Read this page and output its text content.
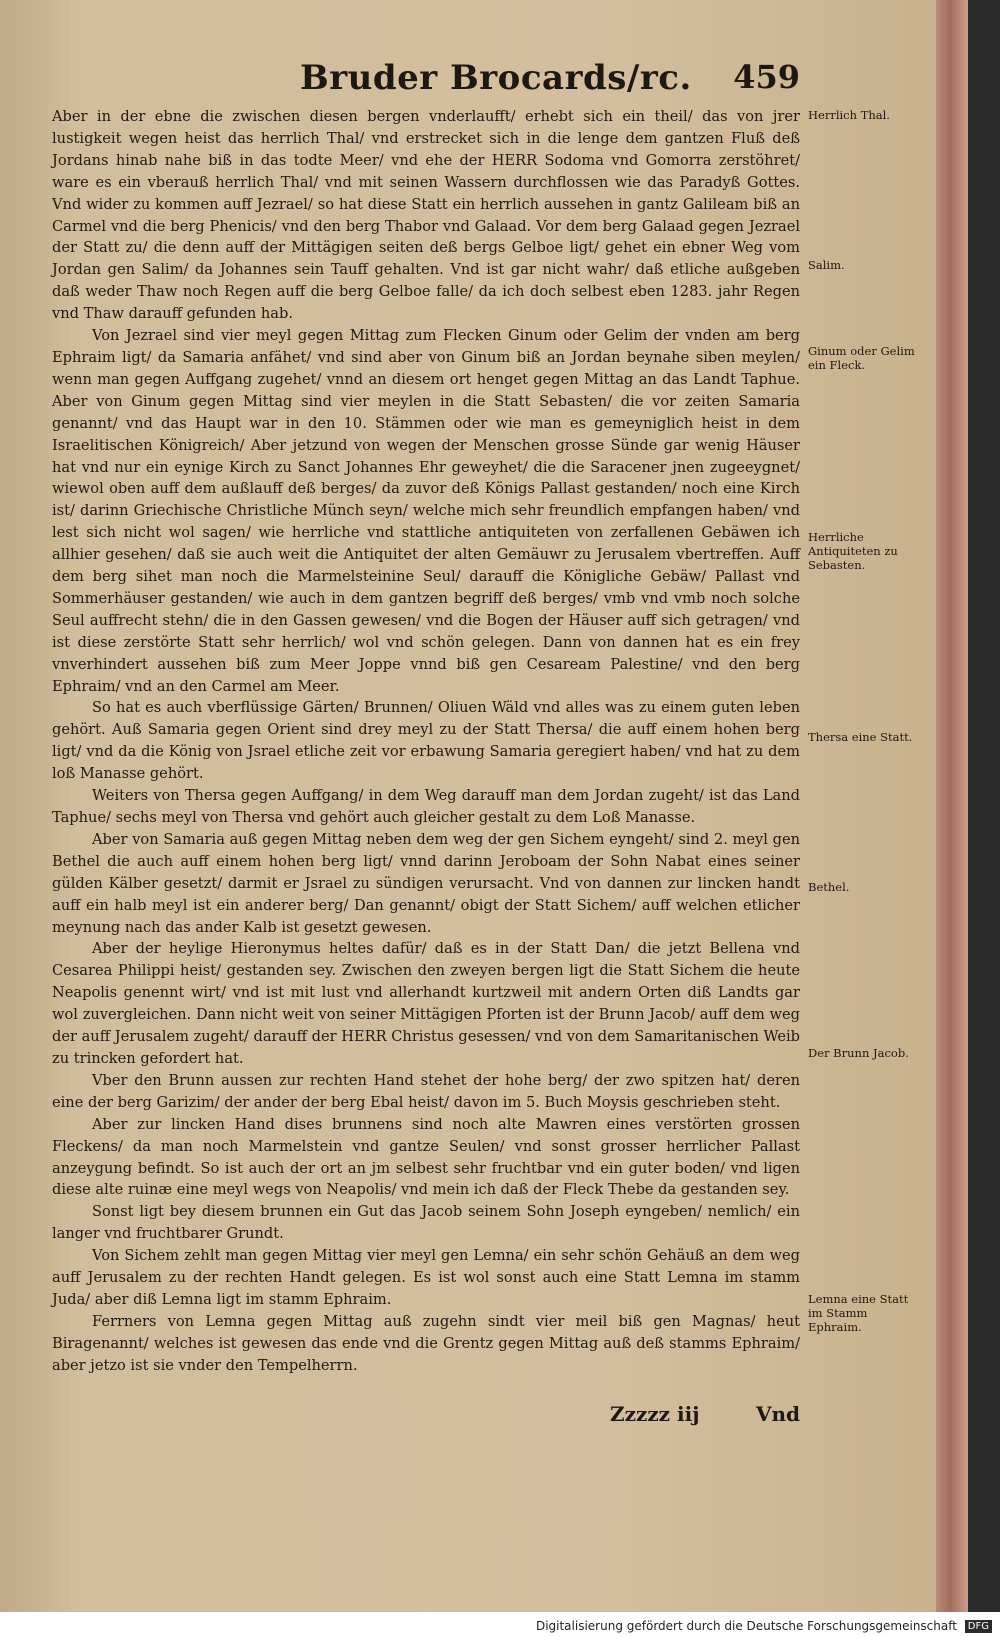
Bruder Brocards/rc. 459

Aber in der ebne die zwischen diesen bergen vnderlaufft/ erhebt sich ein theil/ das von jrer lustigkeit wegen heist das herrlich Thal/ vnd erstrecket sich in die lenge dem gantzen Fluß deß Jordans hinab nahe biß in das todte Meer/ vnd ehe der HERR Sodoma vnd Gomorra zerstöhret/ ware es ein vberauß herrlich Thal/ vnd mit seinen Wassern durchflossen wie das Paradyß Gottes. Vnd wider zu kommen auff Jezrael/ so hat diese Statt ein herrlich aussehen in gantz Galileam biß an Carmel vnd die berg Phenicis/ vnd den berg Thabor vnd Galaad. Vor dem berg Galaad gegen Jezrael der Statt zu/ die denn auff der Mittägigen seiten deß bergs Gelboe ligt/ gehet ein ebner Weg vom Jordan gen Salim/ da Johannes sein Tauff gehalten. Vnd ist gar nicht wahr/ daß etliche außgeben daß weder Thaw noch Regen auff die berg Gelboe falle/ da ich doch selbest eben 1283. jahr Regen vnd Thaw darauff gefunden hab.

Von Jezrael sind vier meyl gegen Mittag zum Flecken Ginum oder Gelim der vnden am berg Ephraim ligt/ da Samaria anfähet/ vnd sind aber von Ginum biß an Jordan beynahe siben meylen/ wenn man gegen Auffgang zugehet/ vnnd an diesem ort henget gegen Mittag an das Landt Taphue. Aber von Ginum gegen Mittag sind vier meylen in die Statt Sebasten/ die vor zeiten Samaria genannt/ vnd das Haupt war in den 10. Stämmen oder wie man es gemeyniglich heist in dem Israelitischen Königreich/ Aber jetzund von wegen der Menschen grosse Sünde gar wenig Häuser hat vnd nur ein eynige Kirch zu Sanct Johannes Ehr geweyhet/ die die Saracener jnen zugeeygnet/ wiewol oben auff dem außlauff deß berges/ da zuvor deß Königs Pallast gestanden/ noch eine Kirch ist/ darinn Griechische Christliche Münch seyn/ welche mich sehr freundlich empfangen haben/ vnd lest sich nicht wol sagen/ wie herrliche vnd stattliche antiquiteten von zerfallenen Gebäwen ich allhier gesehen/ daß sie auch weit die Antiquitet der alten Gemäuwr zu Jerusalem vbertreffen. Auff dem berg sihet man noch die Marmelsteinine Seul/ darauff die Königliche Gebäw/ Pallast vnd Sommerhäuser gestanden/ wie auch in dem gantzen begriff deß berges/ vmb vnd vmb noch solche Seul auffrecht stehn/ die in den Gassen gewesen/ vnd die Bogen der Häuser auff sich getragen/ vnd ist diese zerstörte Statt sehr herrlich/ wol vnd schön gelegen. Dann von dannen hat es ein frey vnverhindert aussehen biß zum Meer Joppe vnnd biß gen Cesaream Palestine/ vnd den berg Ephraim/ vnd an den Carmel am Meer.

So hat es auch vberflüssige Gärten/ Brunnen/ Oliuen Wäld vnd alles was zu einem guten leben gehört. Auß Samaria gegen Orient sind drey meyl zu der Statt Thersa/ die auff einem hohen berg ligt/ vnd da die König von Jsrael etliche zeit vor erbawung Samaria geregiert haben/ vnd hat zu dem loß Manasse gehört.

Weiters von Thersa gegen Auffgang/ in dem Weg darauff man dem Jordan zugeht/ ist das Land Taphue/ sechs meyl von Thersa vnd gehört auch gleicher gestalt zu dem Loß Manasse.

Aber von Samaria auß gegen Mittag neben dem weg der gen Sichem eyngeht/ sind 2. meyl gen Bethel die auch auff einem hohen berg ligt/ vnnd darinn Jeroboam der Sohn Nabat eines seiner gülden Kälber gesetzt/ darmit er Jsrael zu sündigen verursacht. Vnd von dannen zur lincken handt auff ein halb meyl ist ein anderer berg/ Dan genannt/ obigt der Statt Sichem/ auff welchen etlicher meynung nach das ander Kalb ist gesetzt gewesen.

Aber der heylige Hieronymus heltes dafür/ daß es in der Statt Dan/ die jetzt Bellena vnd Cesarea Philippi heist/ gestanden sey. Zwischen den zweyen bergen ligt die Statt Sichem die heute Neapolis genennt wirt/ vnd ist mit lust vnd allerhandt kurtzweil mit andern Orten diß Landts gar wol zuvergleichen. Dann nicht weit von seiner Mittägigen Pforten ist der Brunn Jacob/ auff dem weg der auff Jerusalem zugeht/ darauff der HERR Christus gesessen/ vnd von dem Samaritanischen Weib zu trincken gefordert hat.

Vber den Brunn aussen zur rechten Hand stehet der hohe berg/ der zwo spitzen hat/ deren eine der berg Garizim/ der ander der berg Ebal heist/ davon im 5. Buch Moysis geschrieben steht.

Aber zur lincken Hand dises brunnens sind noch alte Mawren eines verstörten grossen Fleckens/ da man noch Marmelstein vnd gantze Seulen/ vnd sonst grosser herrlicher Pallast anzeygung befindt. So ist auch der ort an jm selbest sehr fruchtbar vnd ein guter boden/ vnd ligen diese alte ruinæ eine meyl wegs von Neapolis/ vnd mein ich daß der Fleck Thebe da gestanden sey.

Sonst ligt bey diesem brunnen ein Gut das Jacob seinem Sohn Joseph eyngeben/ nemlich/ ein langer vnd fruchtbarer Grundt.

Von Sichem zehlt man gegen Mittag vier meyl gen Lemna/ ein sehr schön Gehäuß an dem weg auff Jerusalem zu der rechten Handt gelegen. Es ist wol sonst auch eine Statt Lemna im stamm Juda/ aber diß Lemna ligt im stamm Ephraim.

Ferrners von Lemna gegen Mittag auß zugehn sindt vier meil biß gen Magnas/ heut Biragenannt/ welches ist gewesen das ende vnd die Grentz gegen Mittag auß deß stamms Ephraim/ aber jetzo ist sie vnder den Tempelherrn.

Herrlich Thal.
Salim.
Ginum oder Gelim ein Fleck.
Herrliche Antiquiteten zu Sebasten.
Thersa eine Statt.
Bethel.
Der Brunn Jacob.
Lemna eine Statt im Stamm Ephraim.
Zzzzz iij	Vnd
Digitalisierung gefördert durch die Deutsche Forschungsgemeinschaft DFG
